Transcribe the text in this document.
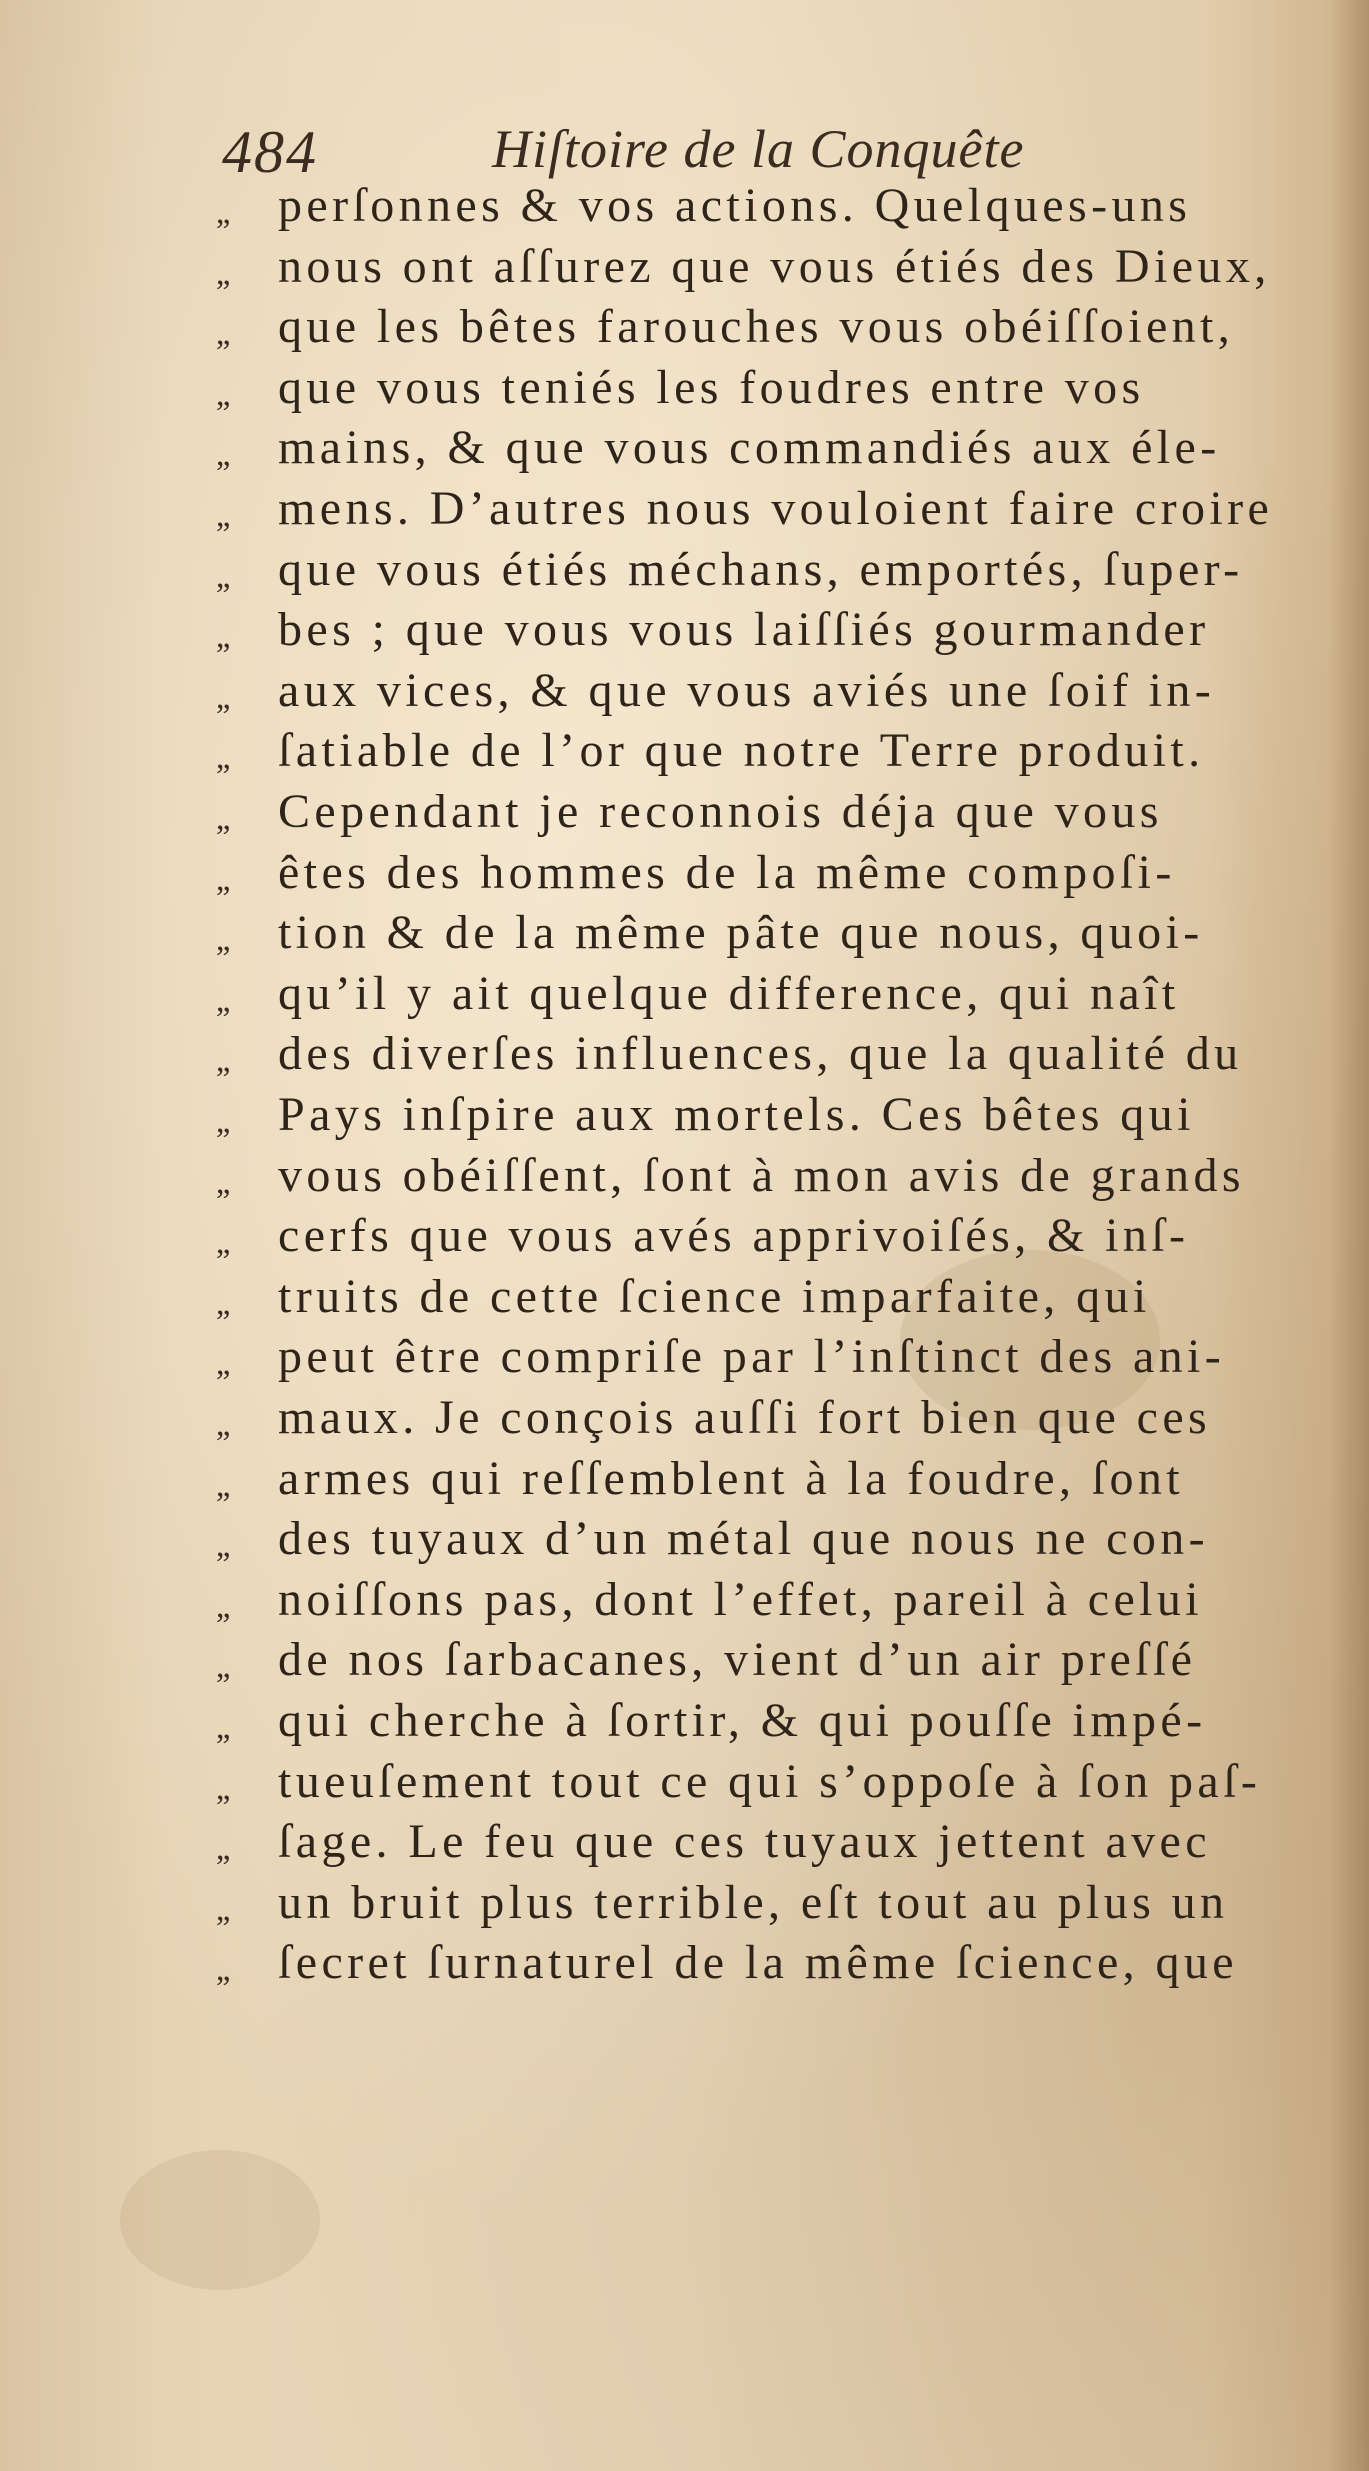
484	Hiſtoire de la Conquête
,, perſonnes & vos actions. Quelques-uns
,, nous ont aſſurez que vous étiés des Dieux,
,, que les bêtes farouches vous obéiſſoient,
,, que vous teniés les foudres entre vos
,, mains, & que vous commandiés aux éle-
,, mens. D’autres nous vouloient faire croire
,, que vous étiés méchans, emportés, ſuper-
,, bes ; que vous vous laiſſiés gourmander
,, aux vices, & que vous aviés une ſoif in-
,, ſatiable de l’or que notre Terre produit.
,, Cependant je reconnois déja que vous
,, êtes des hommes de la même compoſi-
,, tion & de la même pâte que nous, quoi-
,, qu’il y ait quelque difference, qui naît
,, des diverſes influences, que la qualité du
,, Pays inſpire aux mortels. Ces bêtes qui
,, vous obéiſſent, ſont à mon avis de grands
,, cerfs que vous avés apprivoiſés, & inſ-
,, truits de cette ſcience imparfaite, qui
,, peut être compriſe par l’inſtinct des ani-
,, maux. Je conçois auſſi fort bien que ces
,, armes qui reſſemblent à la foudre, ſont
,, des tuyaux d’un métal que nous ne con-
,, noiſſons pas, dont l’effet, pareil à celui
,, de nos ſarbacanes, vient d’un air preſſé
,, qui cherche à ſortir, & qui pouſſe impé-
,, tueuſement tout ce qui s’oppoſe à ſon paſ-
,, ſage. Le feu que ces tuyaux jettent avec
,, un bruit plus terrible, eſt tout au plus un
,, ſecret ſurnaturel de la même ſcience, que
